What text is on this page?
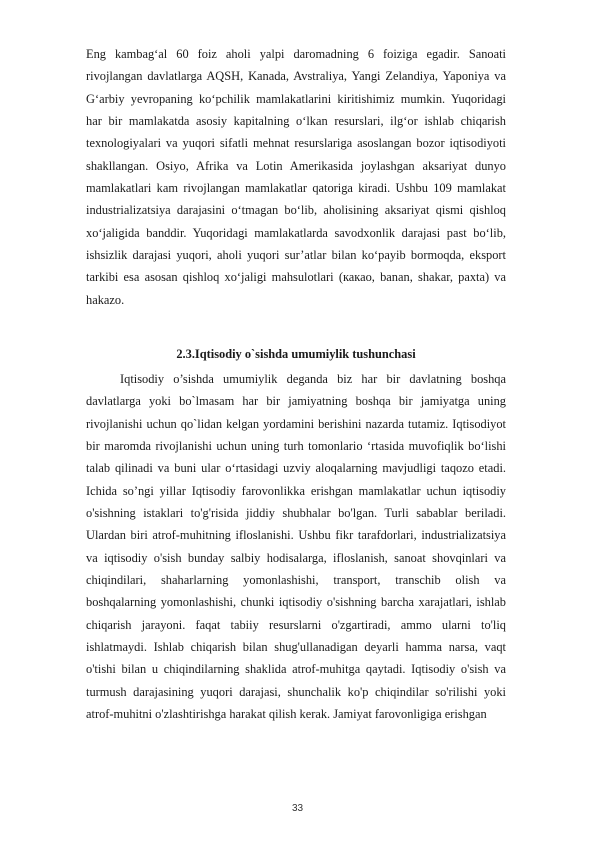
Eng kambag‘al 60 foiz aholi yalpi daromadning 6 foiziga egadir. Sanoati rivojlangan davlatlarga AQSH, Kanada, Avstraliya, Yangi Zelandiya, Yaponiya va G‘arbiy yevropaning ko‘pchilik mamlakatlarini kiritishimiz mumkin. Yuqoridagi har bir mamlakatda asosiy kapitalning o‘lkan resurslari, ilg‘or ishlab chiqarish texnologiyalari va yuqori sifatli mehnat resurslariga asoslangan bozor iqtisodiyoti shakllangan. Osiyo, Afrika va Lotin Amerikasida joylashgan aksariyat dunyo mamlakatlari kam rivojlangan mamlakatlar qatoriga kiradi. Ushbu 109 mamlakat industrializatsiya darajasini o‘tmagan bo‘lib, aholisining aksariyat qismi qishloq xo‘jaligida banddir. Yuqoridagi mamlakatlarda savodxonlik darajasi past bo‘lib, ishsizlik darajasi yuqori, aholi yuqori sur’atlar bilan ko‘payib bormoqda, eksport tarkibi esa asosan qishloq xo‘jaligi mahsulotlari (какао, banan, shakar, paxta) va hakazo.

2.3.Iqtisodiy o`sishda umumiylik tushunchasi

Iqtisodiy o’sishda umumiylik deganda biz har bir davlatning boshqa davlatlarga yoki bo`lmasam har bir jamiyatning boshqa bir jamiyatga uning rivojlanishi uchun qo`lidan kelgan yordamini berishini nazarda tutamiz. Iqtisodiyot bir maromda rivojlanishi uchun uning turh tomonlario ‘rtasida muvofiqlik bo‘lishi talab qilinadi va buni ular o‘rtasidagi uzviy aloqalarning mavjudligi taqozo etadi. Ichida so’ngi yillar Iqtisodiy farovonlikka erishgan mamlakatlar uchun iqtisodiy o'sishning istaklari to'g'risida jiddiy shubhalar bo'lgan. Turli sabablar beriladi. Ulardan biri atrof-muhitning ifloslanishi. Ushbu fikr tarafdorlari, industrializatsiya va iqtisodiy o'sish bunday salbiy hodisalarga, ifloslanish, sanoat shovqinlari va chiqindilari, shaharlarning yomonlashishi, transport, transchib olish va boshqalarning yomonlashishi, chunki iqtisodiy o'sishning barcha xarajatlari, ishlab chiqarish jarayoni. faqat tabiiy resurslarni o'zgartiradi, ammo ularni to'liq ishlatmaydi. Ishlab chiqarish bilan shug'ullanadigan deyarli hamma narsa, vaqt o'tishi bilan u chiqindilarning shaklida atrof-muhitga qaytadi. Iqtisodiy o'sish va turmush darajasining yuqori darajasi, shunchalik ko'p chiqindilar so'rilishi yoki atrof-muhitni o'zlashtirishga harakat qilish kerak. Jamiyat farovonligiga erishgan

33
